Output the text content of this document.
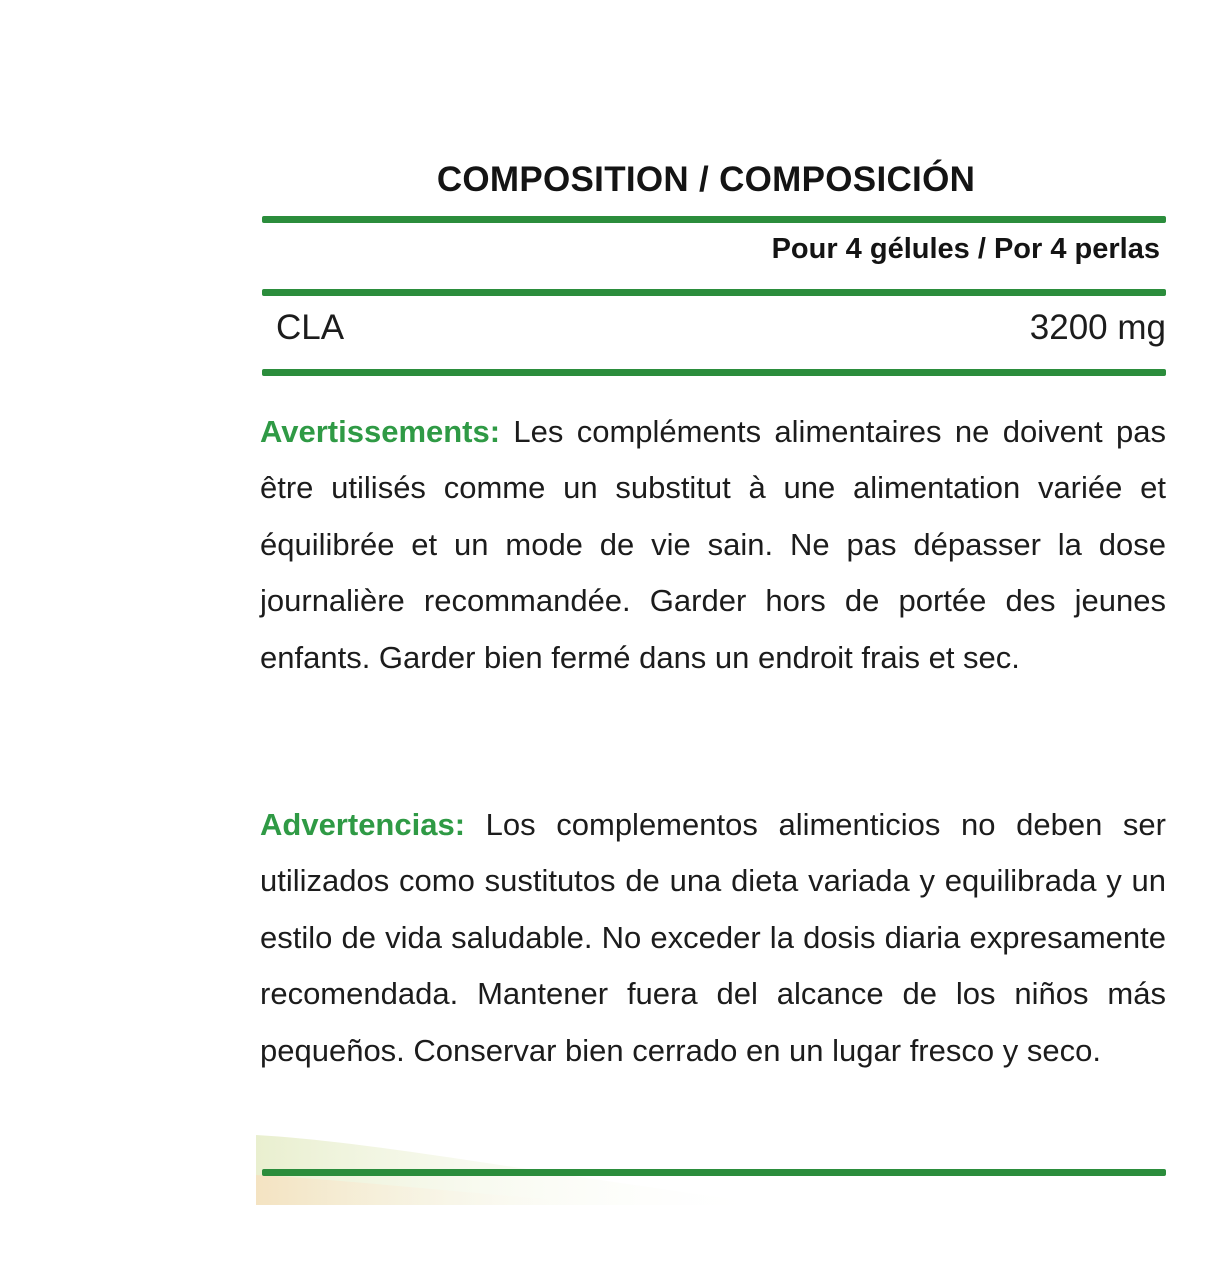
COMPOSITION / COMPOSICIÓN
Pour 4 gélules / Por 4 perlas
CLA	3200 mg

Avertissements: Les compléments alimentaires ne doivent pas être utilisés comme un substitut à une alimentation variée et équilibrée et un mode de vie sain. Ne pas dépasser la dose journalière recommandée. Garder hors de portée des jeunes enfants. Garder bien fermé dans un endroit frais et sec.

Advertencias: Los complementos alimenticios no deben ser utilizados como sustitutos de una dieta variada y equilibrada y un estilo de vida saludable. No exceder la dosis diaria expresamente recomendada. Mantener fuera del alcance de los niños más pequeños. Conservar bien cerrado en un lugar fresco y seco.
